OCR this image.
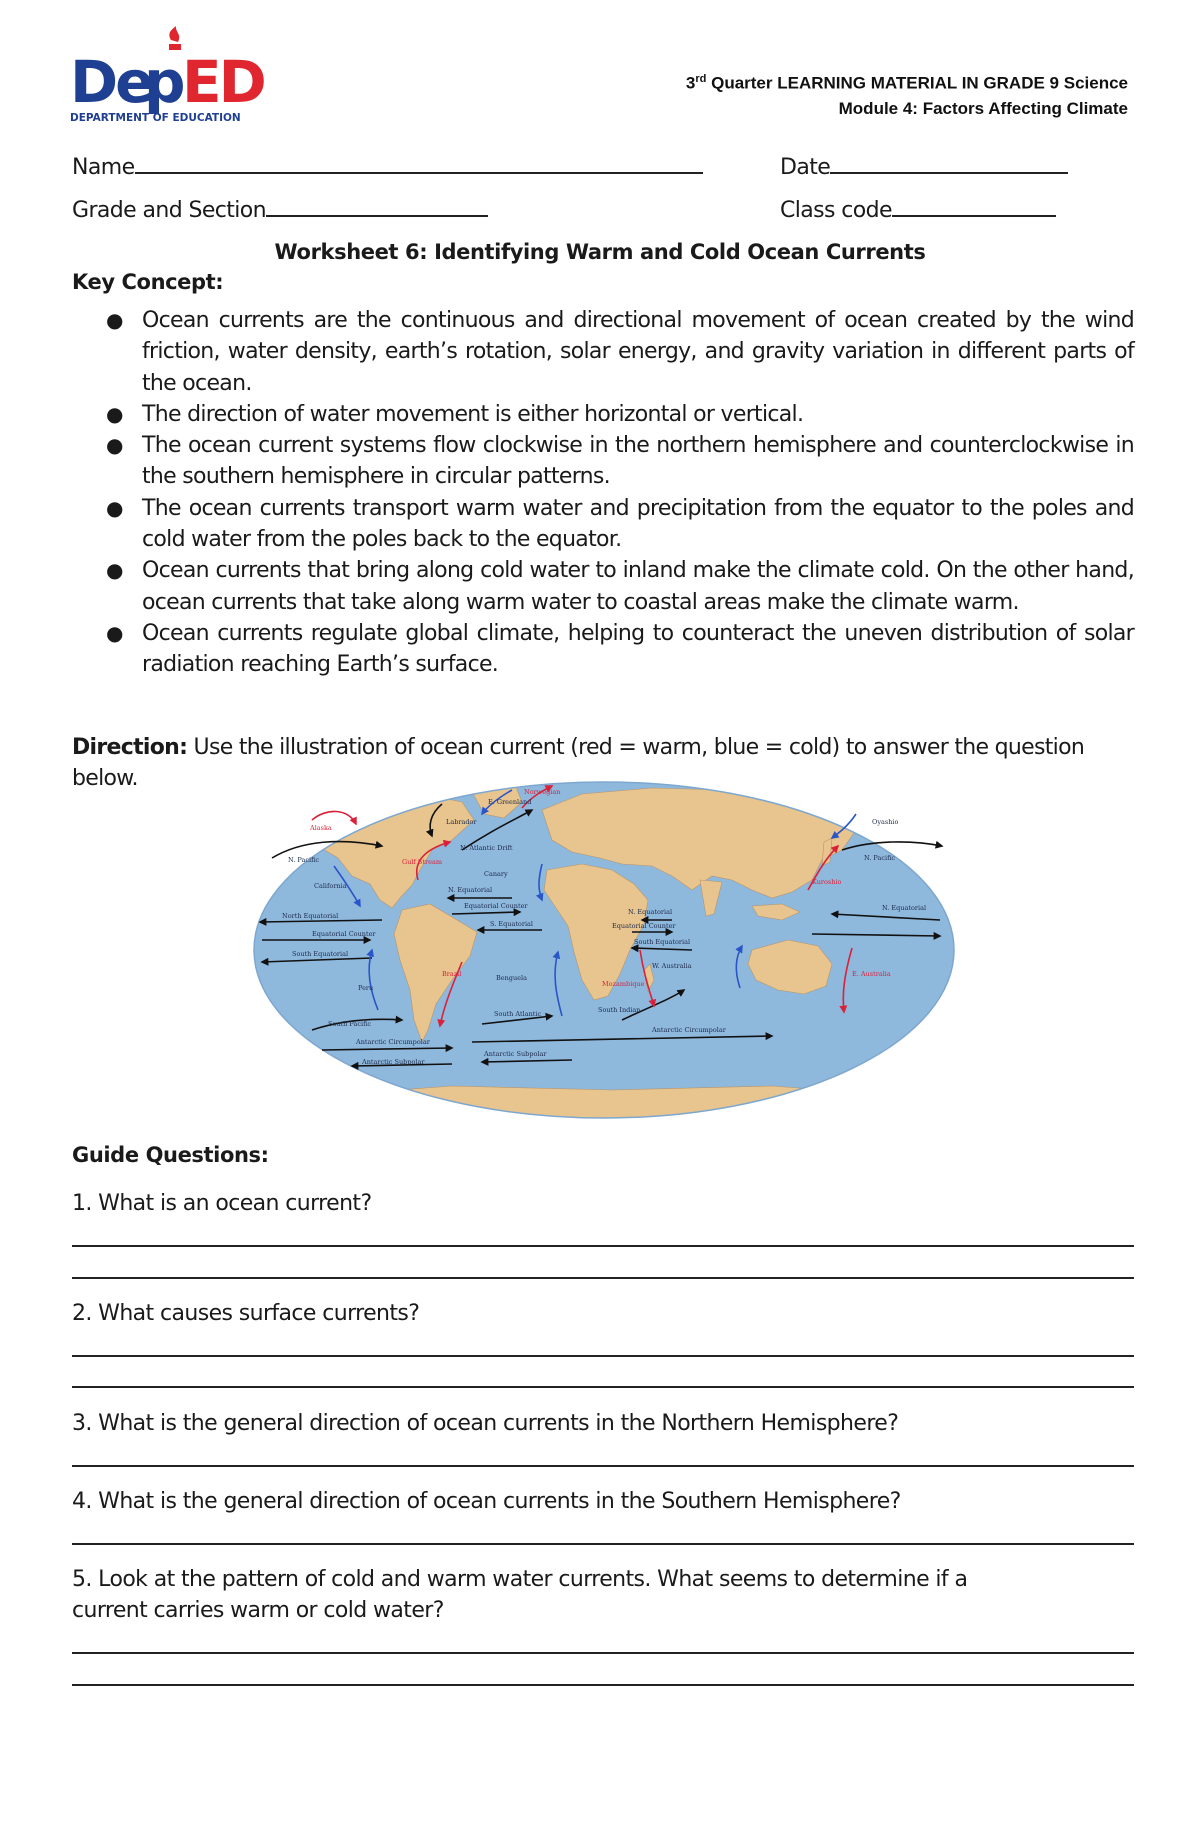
De
p
ED
DEPARTMENT OF EDUCATION
3rd Quarter LEARNING MATERIAL IN GRADE 9 Science
Module 4: Factors Affecting Climate
Name	Date
Grade and Section	Class code
Worksheet 6: Identifying Warm and Cold Ocean Currents
Key Concept:
● Ocean currents are the continuous and directional movement of ocean created by the wind friction, water density, earth’s rotation, solar energy, and gravity variation in different parts of the ocean.
● The direction of water movement is either horizontal or vertical.
● The ocean current systems flow clockwise in the northern hemisphere and counterclockwise in the southern hemisphere in circular patterns.
● The ocean currents transport warm water and precipitation from the equator to the poles and cold water from the poles back to the equator.
● Ocean currents that bring along cold water to inland make the climate cold. On the other hand, ocean currents that take along warm water to coastal areas make the climate warm.
● Ocean currents regulate global climate, helping to counteract the uneven distribution of solar radiation reaching Earth’s surface.
Direction: Use the illustration of ocean current (red = warm, blue = cold) to answer the question below.
Alaska
N. Pacific
California
North Equatorial
Equatorial Counter
South Equatorial
Peru
South Pacific
Antarctic Circumpolar
Antarctic Subpolar
Labrador
E. Greenland
Norwegian
Gulf Stream
N. Atlantic Drift
Canary
N. Equatorial
Equatorial Counter
S. Equatorial
Brazil	Benguela
South Atlantic
Antarctic Subpolar
N. Equatorial
Equatorial Counter
South Equatorial
Mozambique
W. Australia
South Indian
Antarctic Circumpolar
Oyashio
N. Pacific
Kuroshio
N. Equatorial
E. Australia
Guide Questions:
1. What is an ocean current?
2. What causes surface currents?
3. What is the general direction of ocean currents in the Northern Hemisphere?
4. What is the general direction of ocean currents in the Southern Hemisphere?
5. Look at the pattern of cold and warm water currents. What seems to determine if a
current carries warm or cold water?
